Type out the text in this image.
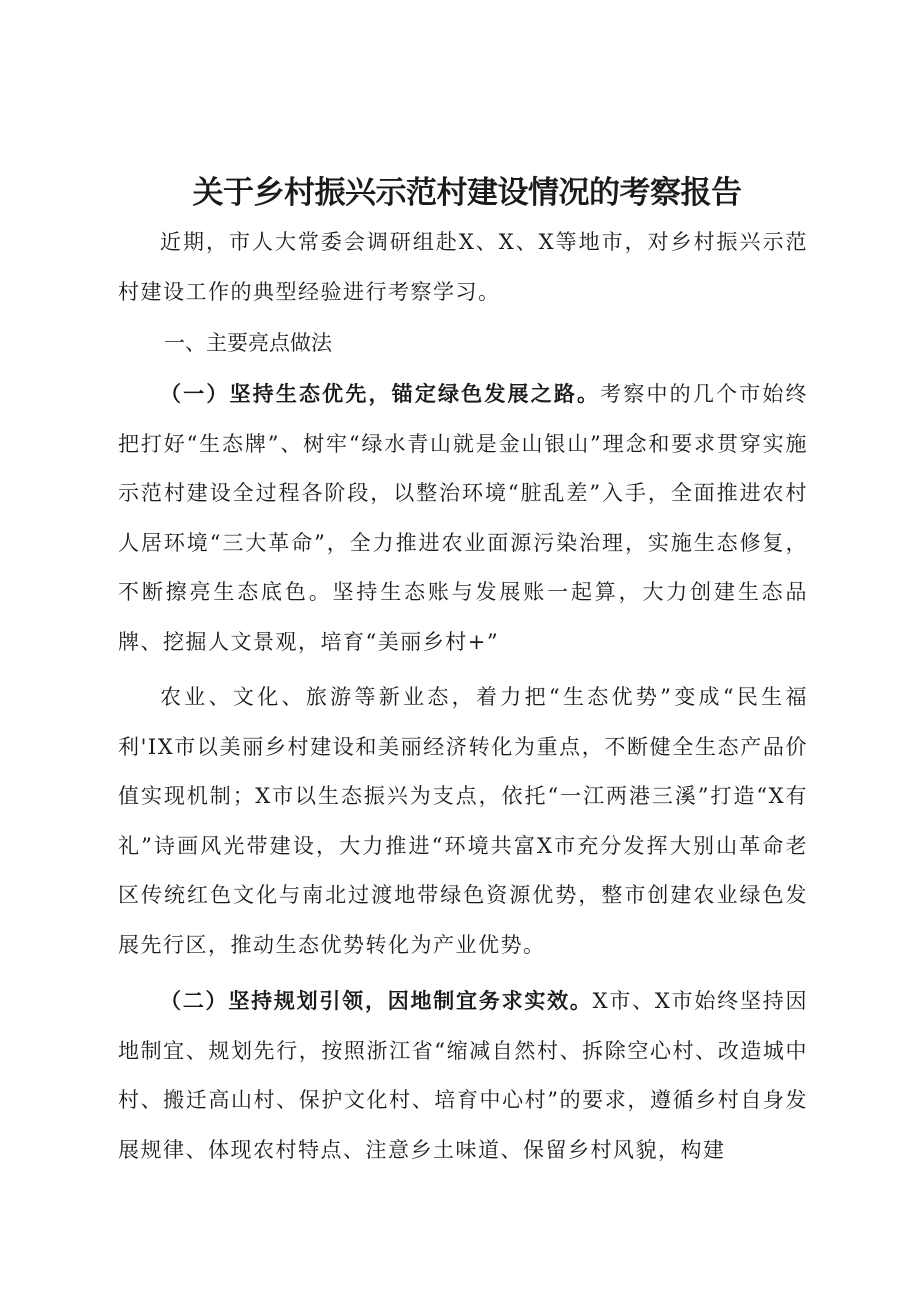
关于乡村振兴示范村建设情况的考察报告

近期，市人大常委会调研组赴X、X、X等地市，对乡村振兴示范村建设工作的典型经验进行考察学习。

一、主要亮点做法

（一）坚持生态优先，锚定绿色发展之路。考察中的几个市始终把打好“生态牌”、树牢“绿水青山就是金山银山”理念和要求贯穿实施示范村建设全过程各阶段，以整治环境“脏乱差”入手，全面推进农村人居环境“三大革命”，全力推进农业面源污染治理，实施生态修复，不断擦亮生态底色。坚持生态账与发展账一起算，大力创建生态品牌、挖掘人文景观，培育“美丽乡村+”

农业、文化、旅游等新业态，着力把“生态优势”变成“民生福利'IX市以美丽乡村建设和美丽经济转化为重点，不断健全生态产品价值实现机制；X市以生态振兴为支点，依托“一江两港三溪”打造“X有礼”诗画风光带建设，大力推进“环境共富X市充分发挥大别山革命老区传统红色文化与南北过渡地带绿色资源优势，整市创建农业绿色发展先行区，推动生态优势转化为产业优势。

（二）坚持规划引领，因地制宜务求实效。X市、X市始终坚持因地制宜、规划先行，按照浙江省“缩减自然村、拆除空心村、改造城中村、搬迁高山村、保护文化村、培育中心村”的要求，遵循乡村自身发展规律、体现农村特点、注意乡土味道、保留乡村风貌，构建
